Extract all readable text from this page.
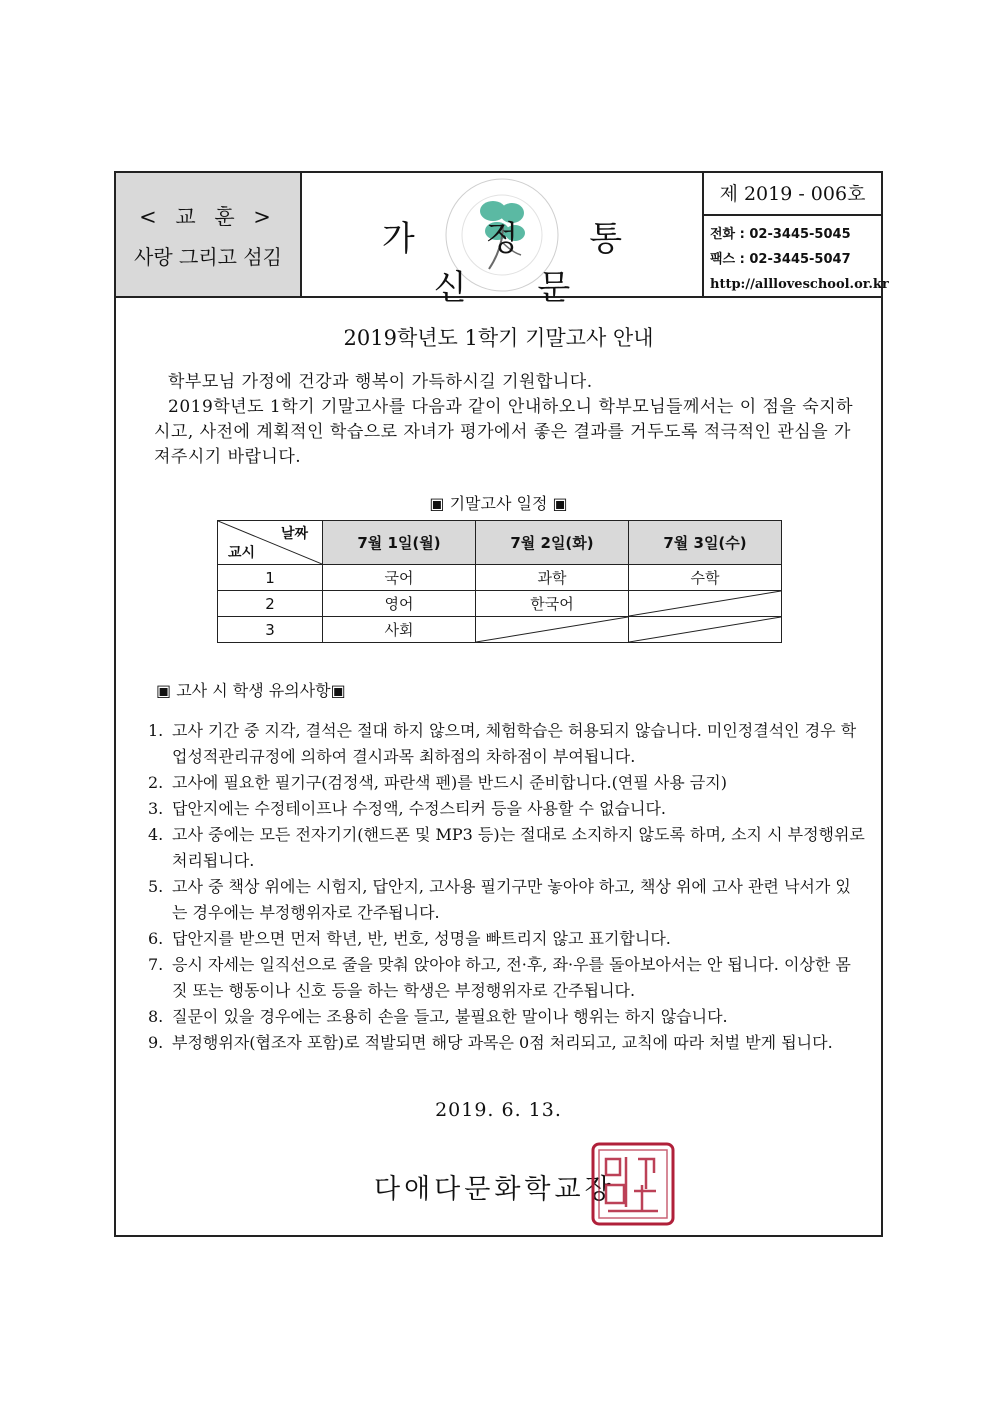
< 교 훈 >
사랑 그리고 섬김	가 정 통 신 문
제 2019 - 006호
전화 : 02-3445-5045
팩스 : 02-3445-5047
http://allloveschool.or.kr
2019학년도 1학기 기말고사 안내

학부모님 가정에 건강과 행복이 가득하시길 기원합니다.

2019학년도 1학기 기말고사를 다음과 같이 안내하오니 학부모님들께서는 이 점을 숙지하시고, 사전에 계획적인 학습으로 자녀가 평가에서 좋은 결과를 거두도록 적극적인 관심을 가져주시기 바랍니다.

▣ 기말고사 일정 ▣
날짜
교시	7월 1일(월)	7월 2일(화)	7월 3일(수)
1	국어	과학	수학
2	영어	한국어	

3	사회	

▣ 고사 시 학생 유의사항▣
1. 고사 기간 중 지각, 결석은 절대 하지 않으며, 체험학습은 허용되지 않습니다. 미인정결석인 경우 학업성적관리규정에 의하여 결시과목 최하점의 차하점이 부여됩니다.
2. 고사에 필요한 필기구(검정색, 파란색 펜)를 반드시 준비합니다.(연필 사용 금지)
3. 답안지에는 수정테이프나 수정액, 수정스티커 등을 사용할 수 없습니다.
4. 고사 중에는 모든 전자기기(핸드폰 및 MP3 등)는 절대로 소지하지 않도록 하며, 소지 시 부정행위로 처리됩니다.
5. 고사 중 책상 위에는 시험지, 답안지, 고사용 필기구만 놓아야 하고, 책상 위에 고사 관련 낙서가 있는 경우에는 부정행위자로 간주됩니다.
6. 답안지를 받으면 먼저 학년, 반, 번호, 성명을 빠트리지 않고 표기합니다.
7. 응시 자세는 일직선으로 줄을 맞춰 앉아야 하고, 전·후, 좌·우를 돌아보아서는 안 됩니다. 이상한 몸짓 또는 행동이나 신호 등을 하는 학생은 부정행위자로 간주됩니다.
8. 질문이 있을 경우에는 조용히 손을 들고, 불필요한 말이나 행위는 하지 않습니다.
9. 부정행위자(협조자 포함)로 적발되면 해당 과목은 0점 처리되고, 교칙에 따라 처벌 받게 됩니다.
2019. 6. 13.
다애다문화학교장
